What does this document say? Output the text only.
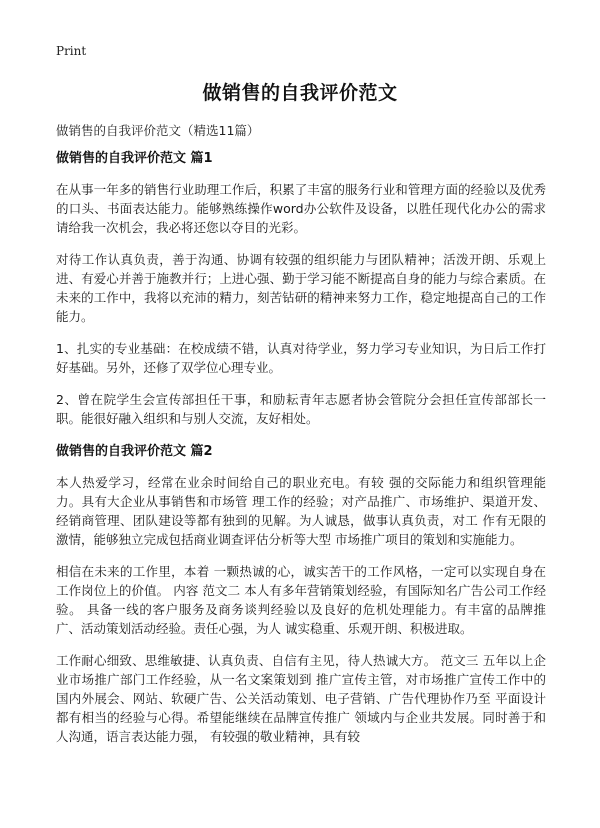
Print
做销售的自我评价范文
做销售的自我评价范文（精选11篇）
做销售的自我评价范文 篇1

在从事一年多的销售行业助理工作后，积累了丰富的服务行业和管理方面的经验以及优秀的口头、书面表达能力。能够熟练操作word办公软件及设备，以胜任现代化办公的需求请给我一次机会，我必将还您以夺目的光彩。

对待工作认真负责，善于沟通、协调有较强的组织能力与团队精神；活泼开朗、乐观上进、有爱心并善于施教并行；上进心强、勤于学习能不断提高自身的能力与综合素质。在未来的工作中，我将以充沛的精力，刻苦钻研的精神来努力工作，稳定地提高自己的工作能力。

1、扎实的专业基础：在校成绩不错，认真对待学业，努力学习专业知识，为日后工作打好基础。另外，还修了双学位心理专业。

2、曾在院学生会宣传部担任干事，和励耘青年志愿者协会管院分会担任宣传部部长一职。能很好融入组织和与别人交流，友好相处。

做销售的自我评价范文 篇2

本人热爱学习，经常在业余时间给自己的职业充电。有较 强的交际能力和组织管理能力。具有大企业从事销售和市场管 理工作的经验；对产品推广、市场维护、渠道开发、经销商管理、团队建设等都有独到的见解。为人诚恳，做事认真负责，对工 作有无限的激情，能够独立完成包括商业调查评估分析等大型 市场推广项目的策划和实施能力。

相信在未来的工作里，本着 一颗热诚的心，诚实苦干的工作风格，一定可以实现自身在工作岗位上的价值。 内容 范文二 本人有多年营销策划经验，有国际知名广告公司工作经验。 具备一线的客户服务及商务谈判经验以及良好的危机处理能力。有丰富的品牌推广、活动策划活动经验。责任心强，为人 诚实稳重、乐观开朗、积极进取。

工作耐心细致、思维敏捷、认真负责、自信有主见，待人热诚大方。 范文三 五年以上企业市场推广部门工作经验，从一名文案策划到 推广宣传主管，对市场推广宣传工作中的国内外展会、网站、软硬广告、公关活动策划、电子营销、广告代理协作乃至 平面设计都有相当的经验与心得。希望能继续在品牌宣传推广 领域内与企业共发展。同时善于和人沟通，语言表达能力强， 有较强的敬业精神，具有较
